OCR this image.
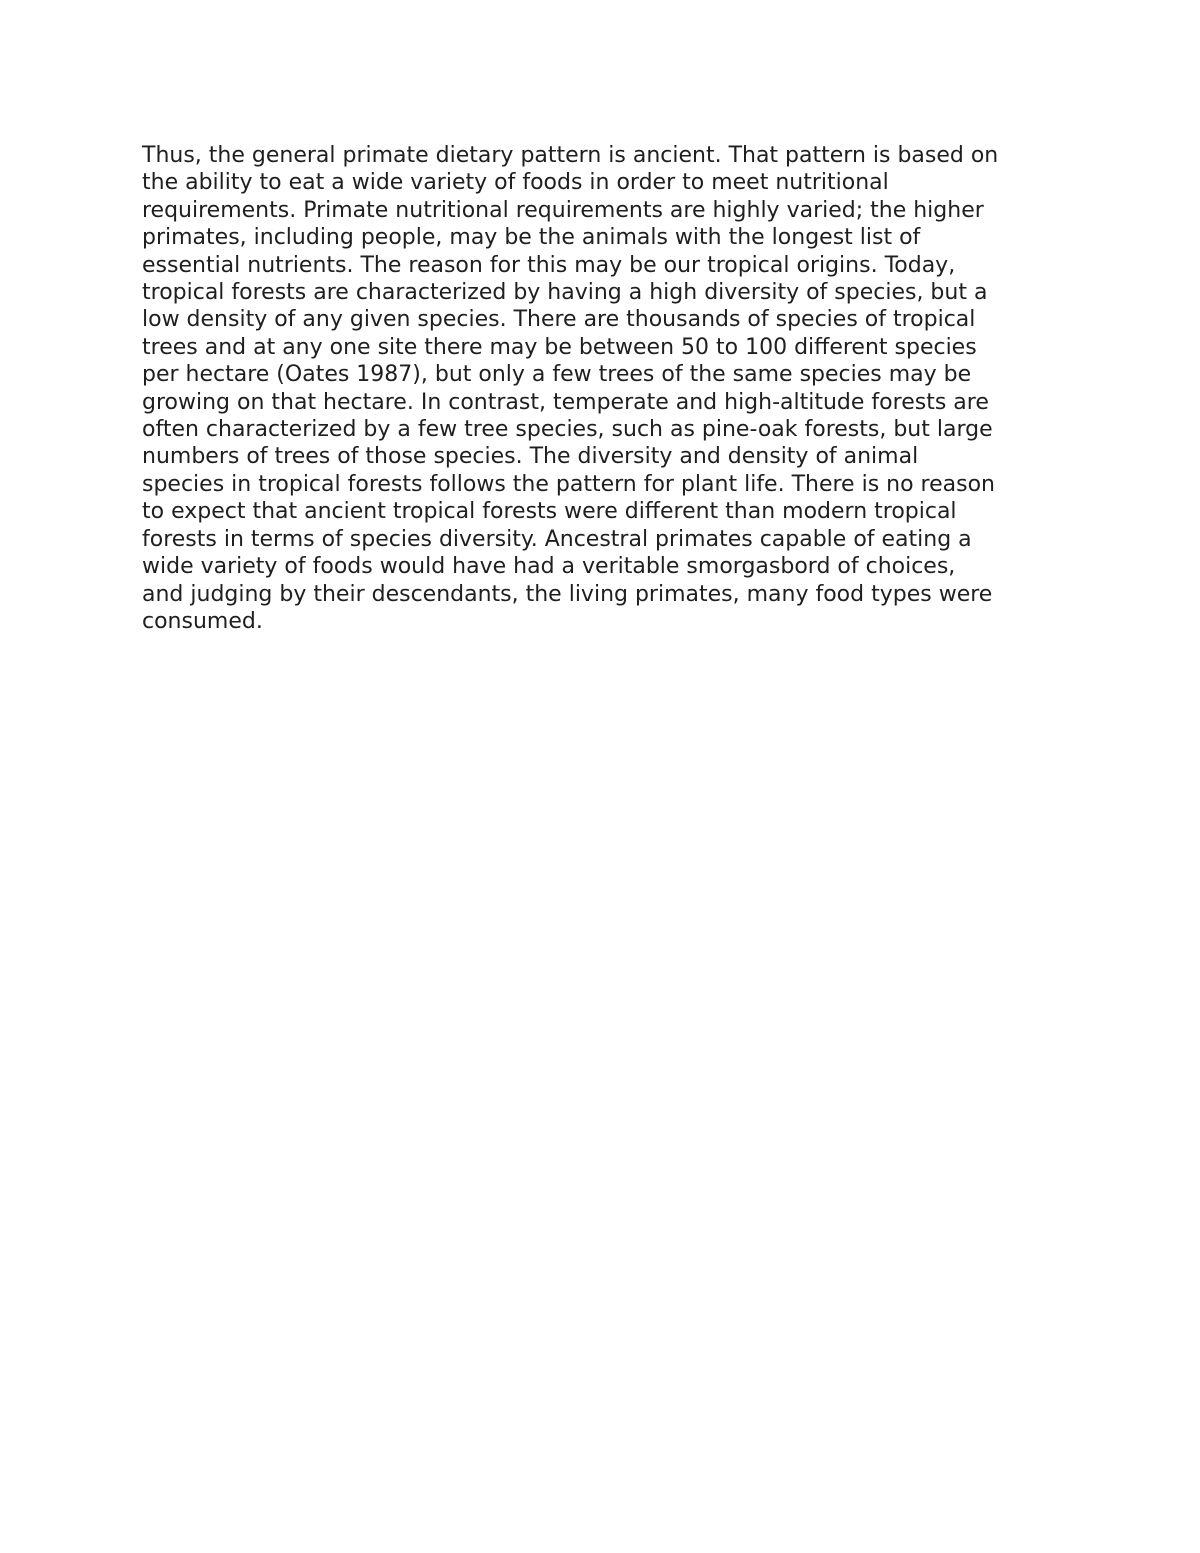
Thus, the general primate dietary pattern is ancient. That pattern is based on
the ability to eat a wide variety of foods in order to meet nutritional
requirements. Primate nutritional requirements are highly varied; the higher
primates, including people, may be the animals with the longest list of
essential nutrients. The reason for this may be our tropical origins. Today,
tropical forests are characterized by having a high diversity of species, but a
low density of any given species. There are thousands of species of tropical
trees and at any one site there may be between 50 to 100 different species
per hectare (Oates 1987), but only a few trees of the same species may be
growing on that hectare. In contrast, temperate and high-altitude forests are
often characterized by a few tree species, such as pine-oak forests, but large
numbers of trees of those species. The diversity and density of animal
species in tropical forests follows the pattern for plant life. There is no reason
to expect that ancient tropical forests were different than modern tropical
forests in terms of species diversity. Ancestral primates capable of eating a
wide variety of foods would have had a veritable smorgasbord of choices,
and judging by their descendants, the living primates, many food types were
consumed.
